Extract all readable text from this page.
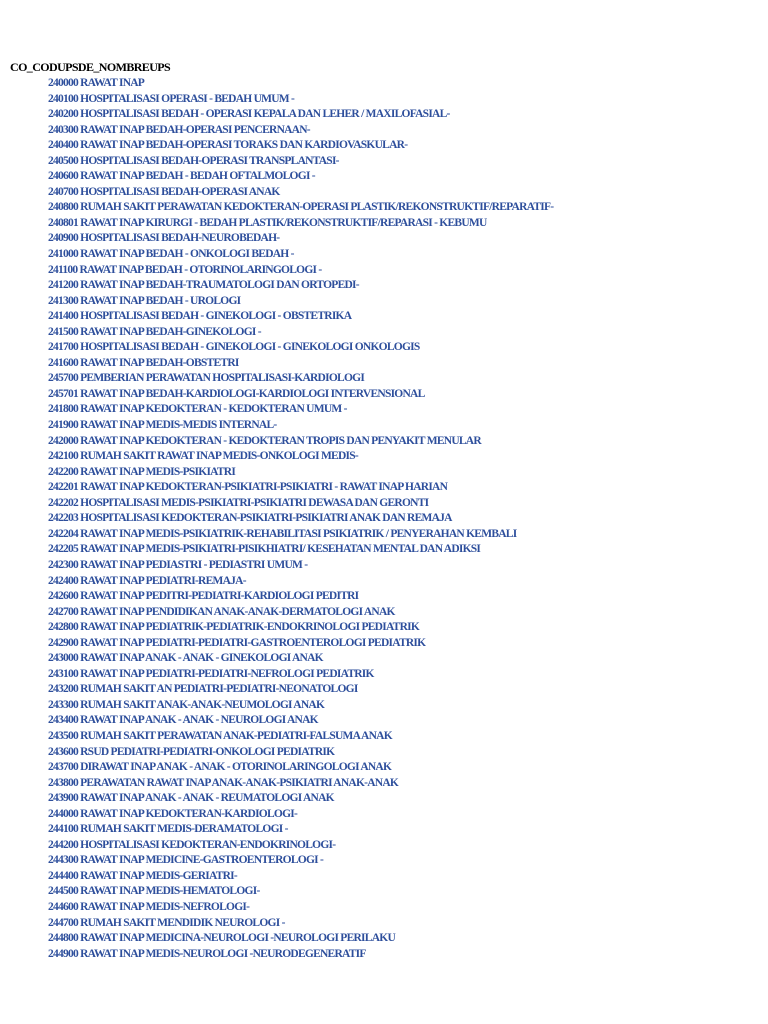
CO_CODUPSDE_NOMBREUPS
240000 RAWAT INAP
240100 HOSPITALISASI OPERASI - BEDAH UMUM -
240200 HOSPITALISASI BEDAH - OPERASI KEPALA DAN LEHER / MAXILOFASIAL-
240300 RAWAT INAP BEDAH-OPERASI PENCERNAAN-
240400 RAWAT INAP BEDAH-OPERASI TORAKS DAN KARDIOVASKULAR-
240500 HOSPITALISASI BEDAH-OPERASI TRANSPLANTASI-
240600 RAWAT INAP BEDAH - BEDAH OFTALMOLOGI -
240700 HOSPITALISASI BEDAH-OPERASI ANAK
240800 RUMAH SAKIT PERAWATAN KEDOKTERAN-OPERASI PLASTIK/REKONSTRUKTIF/REPARATIF-
240801 RAWAT INAP KIRURGI - BEDAH PLASTIK/REKONSTRUKTIF/REPARASI - KEBUMU
240900 HOSPITALISASI BEDAH-NEUROBEDAH-
241000 RAWAT INAP BEDAH - ONKOLOGI BEDAH -
241100 RAWAT INAP BEDAH - OTORINOLARINGOLOGI -
241200 RAWAT INAP BEDAH-TRAUMATOLOGI DAN ORTOPEDI-
241300 RAWAT INAP BEDAH - UROLOGI
241400 HOSPITALISASI BEDAH - GINEKOLOGI - OBSTETRIKA
241500 RAWAT INAP BEDAH-GINEKOLOGI -
241700 HOSPITALISASI BEDAH - GINEKOLOGI - GINEKOLOGI ONKOLOGIS
241600 RAWAT INAP BEDAH-OBSTETRI
245700 PEMBERIAN PERAWATAN HOSPITALISASI-KARDIOLOGI
245701 RAWAT INAP BEDAH-KARDIOLOGI-KARDIOLOGI INTERVENSIONAL
241800 RAWAT INAP KEDOKTERAN - KEDOKTERAN UMUM -
241900 RAWAT INAP MEDIS-MEDIS INTERNAL-
242000 RAWAT INAP KEDOKTERAN - KEDOKTERAN TROPIS DAN PENYAKIT MENULAR
242100 RUMAH SAKIT RAWAT INAP MEDIS-ONKOLOGI MEDIS-
242200 RAWAT INAP MEDIS-PSIKIATRI
242201 RAWAT INAP KEDOKTERAN-PSIKIATRI-PSIKIATRI - RAWAT INAP HARIAN
242202 HOSPITALISASI MEDIS-PSIKIATRI-PSIKIATRI DEWASA DAN GERONTI
242203 HOSPITALISASI KEDOKTERAN-PSIKIATRI-PSIKIATRI ANAK DAN REMAJA
242204 RAWAT INAP MEDIS-PSIKIATRIK-REHABILITASI PSIKIATRIK / PENYERAHAN KEMBALI
242205 RAWAT INAP MEDIS-PSIKIATRI-PISIKHIATRI/ KESEHATAN MENTAL DAN ADIKSI
242300 RAWAT INAP PEDIASTRI - PEDIASTRI UMUM -
242400 RAWAT INAP PEDIATRI-REMAJA-
242600 RAWAT INAP PEDITRI-PEDIATRI-KARDIOLOGI PEDITRI
242700 RAWAT INAP PENDIDIKAN ANAK-ANAK-DERMATOLOGI ANAK
242800 RAWAT INAP PEDIATRIK-PEDIATRIK-ENDOKRINOLOGI PEDIATRIK
242900 RAWAT INAP PEDIATRI-PEDIATRI-GASTROENTEROLOGI PEDIATRIK
243000 RAWAT INAP ANAK - ANAK - GINEKOLOGI ANAK
243100 RAWAT INAP PEDIATRI-PEDIATRI-NEFROLOGI PEDIATRIK
243200 RUMAH SAKIT AN PEDIATRI-PEDIATRI-NEONATOLOGI
243300 RUMAH SAKIT ANAK-ANAK-NEUMOLOGI ANAK
243400 RAWAT INAP ANAK - ANAK - NEUROLOGI ANAK
243500 RUMAH SAKIT PERAWATAN ANAK-PEDIATRI-FALSUMA ANAK
243600 RSUD PEDIATRI-PEDIATRI-ONKOLOGI PEDIATRIK
243700 DIRAWAT INAP ANAK - ANAK - OTORINOLARINGOLOGI ANAK
243800 PERAWATAN RAWAT INAP ANAK-ANAK-PSIKIATRI ANAK-ANAK
243900 RAWAT INAP ANAK - ANAK - REUMATOLOGI ANAK
244000 RAWAT INAP KEDOKTERAN-KARDIOLOGI-
244100 RUMAH SAKIT MEDIS-DERAMATOLOGI -
244200 HOSPITALISASI KEDOKTERAN-ENDOKRINOLOGI-
244300 RAWAT INAP MEDICINE-GASTROENTEROLOGI -
244400 RAWAT INAP MEDIS-GERIATRI-
244500 RAWAT INAP MEDIS-HEMATOLOGI-
244600 RAWAT INAP MEDIS-NEFROLOGI-
244700 RUMAH SAKIT MENDIDIK NEUROLOGI -
244800 RAWAT INAP MEDICINA-NEUROLOGI -NEUROLOGI PERILAKU
244900 RAWAT INAP MEDIS-NEUROLOGI -NEURODEGENERATIF
